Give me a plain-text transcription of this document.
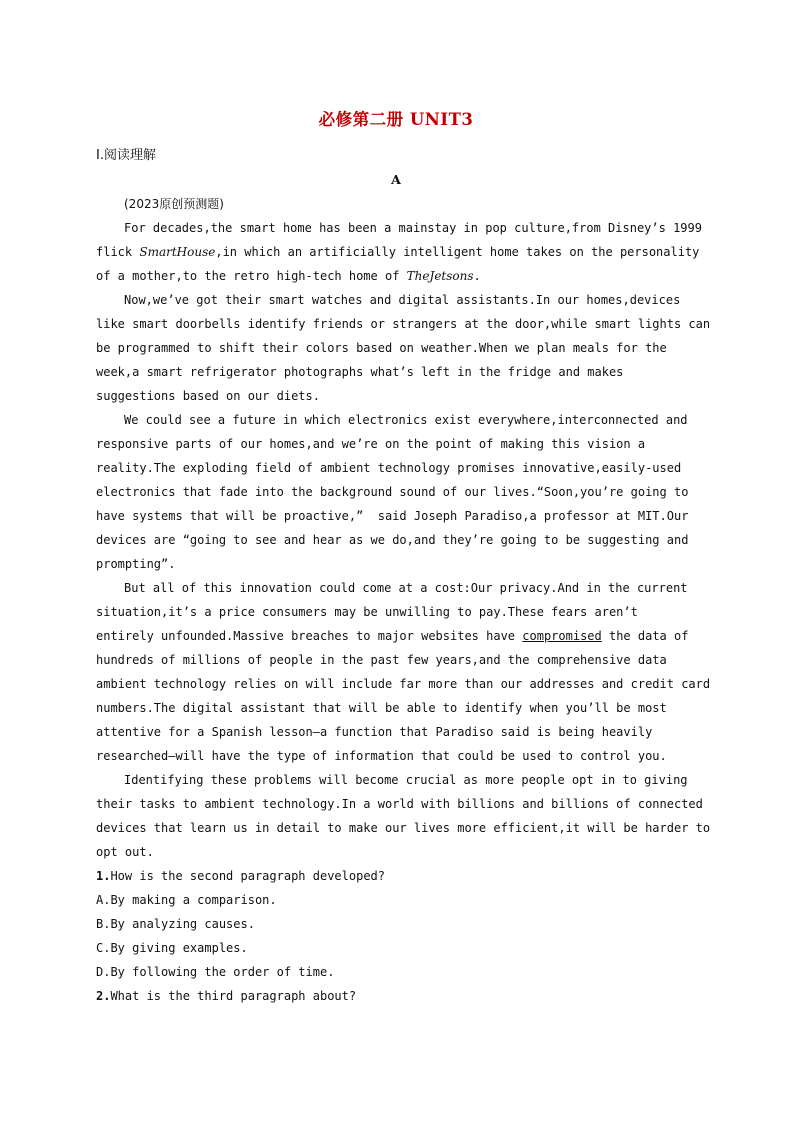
必修第二册 UNIT3
Ⅰ.阅读理解
A
(2023原创预测题)
For decades,the smart home has been a mainstay in pop culture,from Disney’s 1999
flick SmartHouse,in which an artificially intelligent home takes on the personality
of a mother,to the retro high-tech home of TheJetsons.
Now,we’ve got their smart watches and digital assistants.In our homes,devices
like smart doorbells identify friends or strangers at the door,while smart lights can
be programmed to shift their colors based on weather.When we plan meals for the
week,a smart refrigerator photographs what’s left in the fridge and makes
suggestions based on our diets.
We could see a future in which electronics exist everywhere,interconnected and
responsive parts of our homes,and we’re on the point of making this vision a
reality.The exploding field of ambient technology promises innovative,easily-used
electronics that fade into the background sound of our lives.“Soon,you’re going to
have systems that will be proactive,”  said Joseph Paradiso,a professor at MIT.Our
devices are “going to see and hear as we do,and they’re going to be suggesting and
prompting”.
But all of this innovation could come at a cost:Our privacy.And in the current
situation,it’s a price consumers may be unwilling to pay.These fears aren’t
entirely unfounded.Massive breaches to major websites have compromised the data of
hundreds of millions of people in the past few years,and the comprehensive data
ambient technology relies on will include far more than our addresses and credit card
numbers.The digital assistant that will be able to identify when you’ll be most
attentive for a Spanish lesson—a function that Paradiso said is being heavily
researched—will have the type of information that could be used to control you.
Identifying these problems will become crucial as more people opt in to giving
their tasks to ambient technology.In a world with billions and billions of connected
devices that learn us in detail to make our lives more efficient,it will be harder to
opt out.
1.How is the second paragraph developed?
A.By making a comparison.
B.By analyzing causes.
C.By giving examples.
D.By following the order of time.
2.What is the third paragraph about?
